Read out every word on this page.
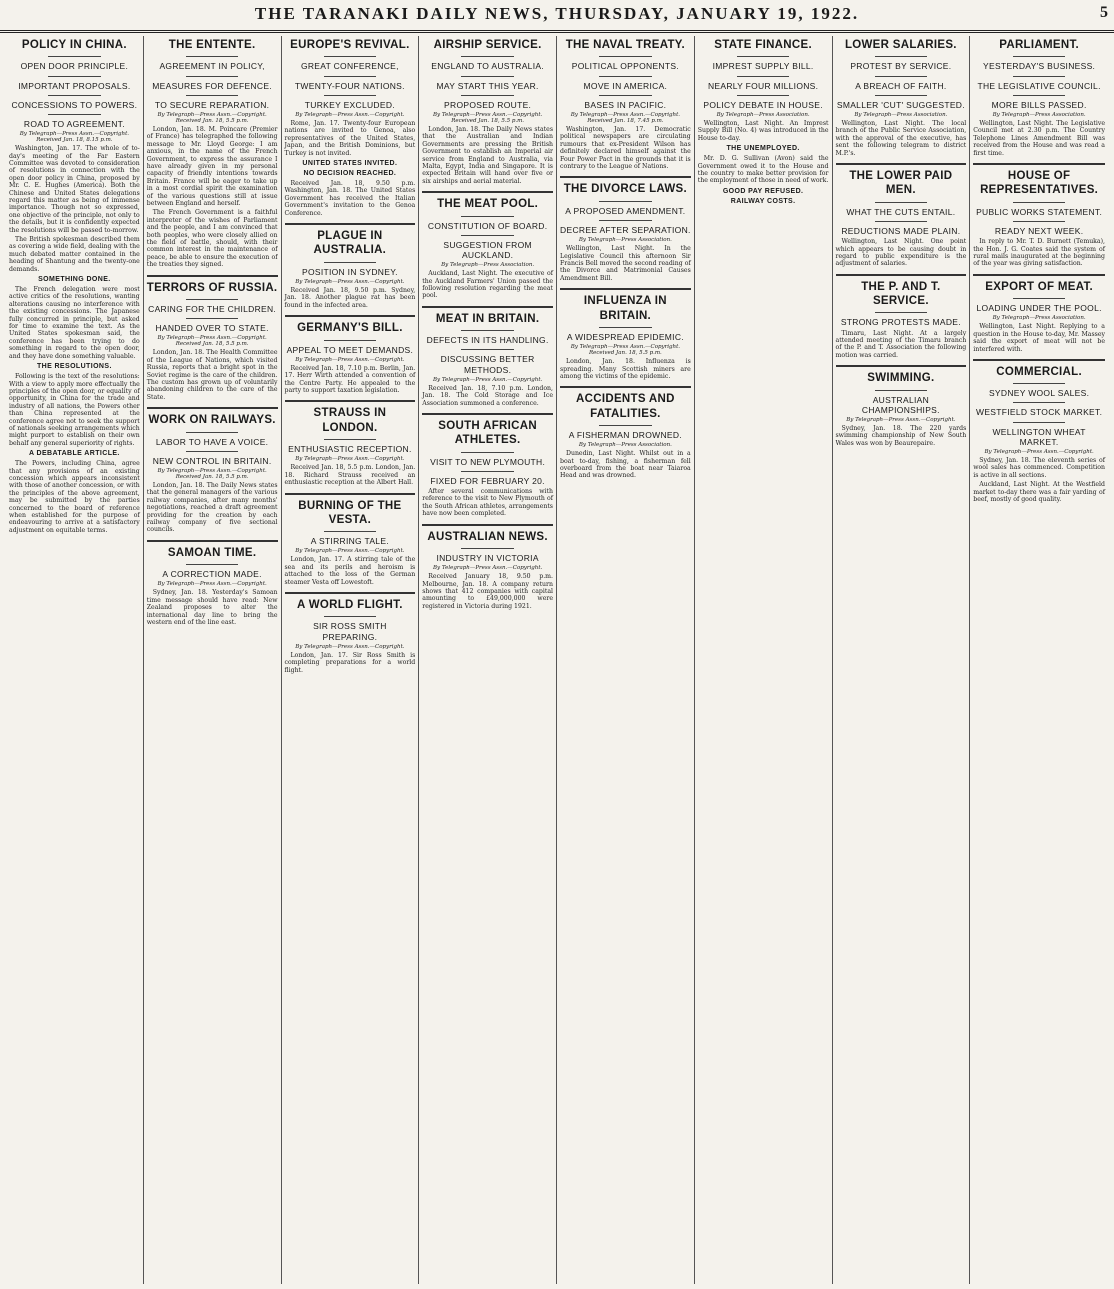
THE TARANAKI DAILY NEWS, THURSDAY, JANUARY 19, 1922.	5
POLICY IN CHINA.
OPEN DOOR PRINCIPLE.
IMPORTANT PROPOSALS.
CONCESSIONS TO POWERS.
ROAD TO AGREEMENT.
By Telegraph—Press Assn.—Copyright. Received Jan. 18, 8.15 p.m.
Washington, Jan. 17. The whole of to-day's meeting of the Far Eastern Committee was devoted to consideration of resolutions in connection with the open door policy in China, proposed by Mr. C. E. Hughes (America). Both the Chinese and United States delegations regard this matter as being of immense importance. Though not so expressed, one objective of the principle, not only to the details, but it is confidently expected the resolutions will be passed to-morrow.
The British spokesman described them as covering a wide field, dealing with the much debated matter contained in the heading of Shantung and the twenty-one demands.
SOMETHING DONE.
The French delegation were most active critics of the resolutions, wanting alterations causing no interference with the existing concessions. The Japanese fully concurred in principle, but asked for time to examine the text. As the United States spokesman said, the conference has been trying to do something in regard to the open door, and they have done something valuable.
THE RESOLUTIONS.
Following is the text of the resolutions: With a view to apply more effectually the principles of the open door, or equality of opportunity, in China for the trade and industry of all nations, the Powers other than China represented at the conference agree not to seek the support of nationals seeking arrangements which might purport to establish on their own behalf any general superiority of rights.
A DEBATABLE ARTICLE.
The Powers, including China, agree that any provisions of an existing concession which appears inconsistent with those of another concession, or with the principles of the above agreement, may be submitted by the parties concerned to the board of reference when established for the purpose of endeavouring to arrive at a satisfactory adjustment on equitable terms.
THE ENTENTE.
AGREEMENT IN POLICY,
MEASURES FOR DEFENCE.
TO SECURE REPARATION.
By Telegraph—Press Assn.—Copyright. Received Jan. 18, 5.5 p.m.
London, Jan. 18. M. Poincare (Premier of France) has telegraphed the following message to Mr. Lloyd George: I am anxious, in the name of the French Government, to express the assurance I have already given in my personal capacity of friendly intentions towards Britain. France will be eager to take up in a most cordial spirit the examination of the various questions still at issue between England and herself.
The French Government is a faithful interpreter of the wishes of Parliament and the people, and I am convinced that both peoples, who were closely allied on the field of battle, should, with their common interest in the maintenance of peace, be able to ensure the execution of the treaties they signed.
TERRORS OF RUSSIA.
CARING FOR THE CHILDREN.
HANDED OVER TO STATE.
By Telegraph—Press Assn.—Copyright. Received Jan. 18, 5.5 p.m.
London, Jan. 18. The Health Committee of the League of Nations, which visited Russia, reports that a bright spot in the Soviet regime is the care of the children. The custom has grown up of voluntarily abandoning children to the care of the State.
WORK ON RAILWAYS.
LABOR TO HAVE A VOICE.
NEW CONTROL IN BRITAIN.
By Telegraph—Press Assn.—Copyright. Received Jan. 18, 5.5 p.m.
London, Jan. 18. The Daily News states that the general managers of the various railway companies, after many months' negotiations, reached a draft agreement providing for the creation by each railway company of five sectional councils.
SAMOAN TIME.
A CORRECTION MADE.
By Telegraph—Press Assn.—Copyright.
Sydney, Jan. 18. Yesterday's Samoan time message should have read: New Zealand proposes to alter the international day line to bring the western end of the line east.
EUROPE'S REVIVAL.
GREAT CONFERENCE,
TWENTY-FOUR NATIONS.
TURKEY EXCLUDED.
By Telegraph—Press Assn.—Copyright.
Rome, Jan. 17. Twenty-four European nations are invited to Genoa, also representatives of the United States, Japan, and the British Dominions, but Turkey is not invited.
UNITED STATES INVITED.
NO DECISION REACHED.
Received Jan. 18, 9.50 p.m. Washington, Jan. 18. The United States Government has received the Italian Government's invitation to the Genoa Conference.
PLAGUE IN AUSTRALIA.
POSITION IN SYDNEY.
By Telegraph—Press Assn.—Copyright.
Received Jan. 18, 9.50 p.m. Sydney, Jan. 18. Another plague rat has been found in the infected area.
GERMANY'S BILL.
APPEAL TO MEET DEMANDS.
By Telegraph—Press Assn.—Copyright.
Received Jan. 18, 7.10 p.m. Berlin, Jan. 17. Herr Wirth attended a convention of the Centre Party. He appealed to the party to support taxation legislation.
STRAUSS IN LONDON.
ENTHUSIASTIC RECEPTION.
By Telegraph—Press Assn.—Copyright.
Received Jan. 18, 5.5 p.m. London, Jan. 18. Richard Strauss received an enthusiastic reception at the Albert Hall.
BURNING OF THE VESTA.
A STIRRING TALE.
By Telegraph—Press Assn.—Copyright.
London, Jan. 17. A stirring tale of the sea and its perils and heroism is attached to the loss of the German steamer Vesta off Lowestoft.
A WORLD FLIGHT.
SIR ROSS SMITH PREPARING.
By Telegraph—Press Assn.—Copyright.
London, Jan. 17. Sir Ross Smith is completing preparations for a world flight.
AIRSHIP SERVICE.
ENGLAND TO AUSTRALIA.
MAY START THIS YEAR.
PROPOSED ROUTE.
By Telegraph—Press Assn.—Copyright. Received Jan. 18, 5.5 p.m.
London, Jan. 18. The Daily News states that the Australian and Indian Governments are pressing the British Government to establish an Imperial air service from England to Australia, via Malta, Egypt, India and Singapore. It is expected Britain will hand over five or six airships and aerial material.
THE MEAT POOL.
CONSTITUTION OF BOARD.
SUGGESTION FROM AUCKLAND.
By Telegraph—Press Association.
Auckland, Last Night. The executive of the Auckland Farmers' Union passed the following resolution regarding the meat pool.
MEAT IN BRITAIN.
DEFECTS IN ITS HANDLING.
DISCUSSING BETTER METHODS.
By Telegraph—Press Assn.—Copyright.
Received Jan. 18, 7.10 p.m. London, Jan. 18. The Cold Storage and Ice Association summoned a conference.
SOUTH AFRICAN ATHLETES.
VISIT TO NEW PLYMOUTH.
FIXED FOR FEBRUARY 20.
After several communications with reference to the visit to New Plymouth of the South African athletes, arrangements have now been completed.
AUSTRALIAN NEWS.
INDUSTRY IN VICTORIA
By Telegraph—Press Assn.—Copyright.
Received January 18, 9.50 p.m. Melbourne, Jan. 18. A company return shows that 412 companies with capital amounting to £49,000,000 were registered in Victoria during 1921.
THE NAVAL TREATY.
POLITICAL OPPONENTS.
MOVE IN AMERICA.
BASES IN PACIFIC.
By Telegraph—Press Assn.—Copyright. Received Jan. 18, 7.45 p.m.
Washington, Jan. 17. Democratic political newspapers are circulating rumours that ex-President Wilson has definitely declared himself against the Four Power Pact in the grounds that it is contrary to the League of Nations.
THE DIVORCE LAWS.
A PROPOSED AMENDMENT.
DECREE AFTER SEPARATION.
By Telegraph—Press Association.
Wellington, Last Night. In the Legislative Council this afternoon Sir Francis Bell moved the second reading of the Divorce and Matrimonial Causes Amendment Bill.
INFLUENZA IN BRITAIN.
A WIDESPREAD EPIDEMIC.
By Telegraph—Press Assn.—Copyright. Received Jan. 18, 5.5 p.m.
London, Jan. 18. Influenza is spreading. Many Scottish miners are among the victims of the epidemic.
ACCIDENTS AND FATALITIES.
A FISHERMAN DROWNED.
By Telegraph—Press Association.
Dunedin, Last Night. Whilst out in a boat to-day, fishing, a fisherman fell overboard from the boat near Taiaroa Head and was drowned.
STATE FINANCE.
IMPREST SUPPLY BILL.
NEARLY FOUR MILLIONS.
POLICY DEBATE IN HOUSE.
By Telegraph—Press Association.
Wellington, Last Night. An Imprest Supply Bill (No. 4) was introduced in the House to-day.
THE UNEMPLOYED.
Mr. D. G. Sullivan (Avon) said the Government owed it to the House and the country to make better provision for the employment of those in need of work.
GOOD PAY REFUSED.
RAILWAY COSTS.
LOWER SALARIES.
PROTEST BY SERVICE.
A BREACH OF FAITH.
SMALLER 'CUT' SUGGESTED.
By Telegraph—Press Association.
Wellington, Last Night. The local branch of the Public Service Association, with the approval of the executive, has sent the following telegram to district M.P.'s.
THE LOWER PAID MEN.
WHAT THE CUTS ENTAIL.
REDUCTIONS MADE PLAIN.
Wellington, Last Night. One point which appears to be causing doubt in regard to public expenditure is the adjustment of salaries.
THE P. AND T. SERVICE.
STRONG PROTESTS MADE.
Timaru, Last Night. At a largely attended meeting of the Timaru branch of the P. and T. Association the following motion was carried.
SWIMMING.
AUSTRALIAN CHAMPIONSHIPS.
By Telegraph—Press Assn.—Copyright.
Sydney, Jan. 18. The 220 yards swimming championship of New South Wales was won by Beaurepaire.
PARLIAMENT.
YESTERDAY'S BUSINESS.
THE LEGISLATIVE COUNCIL.
MORE BILLS PASSED.
By Telegraph—Press Association.
Wellington, Last Night. The Legislative Council met at 2.30 p.m. The Country Telephone Lines Amendment Bill was received from the House and was read a first time.
HOUSE OF REPRESENTATIVES.
PUBLIC WORKS STATEMENT.
READY NEXT WEEK.
In reply to Mr. T. D. Burnett (Temuka), the Hon. J. G. Coates said the system of rural mails inaugurated at the beginning of the year was giving satisfaction.
EXPORT OF MEAT.
LOADING UNDER THE POOL.
By Telegraph—Press Association.
Wellington, Last Night. Replying to a question in the House to-day, Mr. Massey said the export of meat will not be interfered with.
COMMERCIAL.
SYDNEY WOOL SALES.
WESTFIELD STOCK MARKET.
WELLINGTON WHEAT MARKET.
By Telegraph—Press Assn.—Copyright.
Sydney, Jan. 18. The eleventh series of wool sales has commenced. Competition is active in all sections.
Auckland, Last Night. At the Westfield market to-day there was a fair yarding of beef, mostly of good quality.
